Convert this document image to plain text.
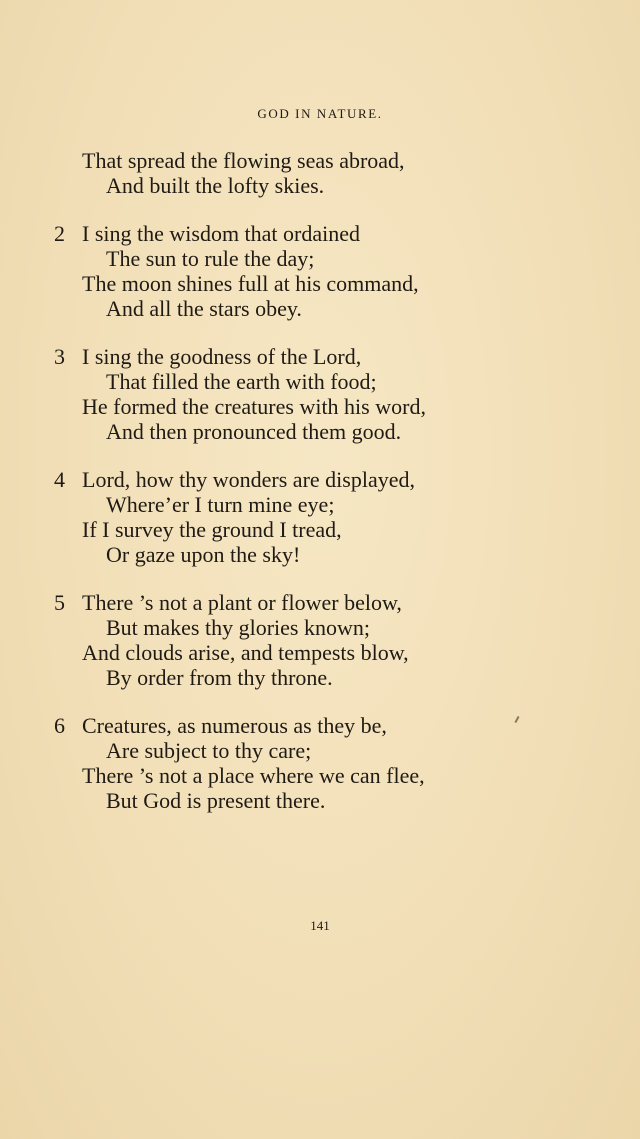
GOD IN NATURE.
That spread the flowing seas abroad,
And built the lofty skies.
2 I sing the wisdom that ordained
The sun to rule the day;
The moon shines full at his command,
And all the stars obey.
3 I sing the goodness of the Lord,
That filled the earth with food;
He formed the creatures with his word,
And then pronounced them good.
4 Lord, how thy wonders are displayed,
Where’er I turn mine eye;
If I survey the ground I tread,
Or gaze upon the sky!
5 There ’s not a plant or flower below,
But makes thy glories known;
And clouds arise, and tempests blow,
By order from thy throne.
6 Creatures, as numerous as they be,
Are subject to thy care;
There ’s not a place where we can flee,
But God is present there.
141
